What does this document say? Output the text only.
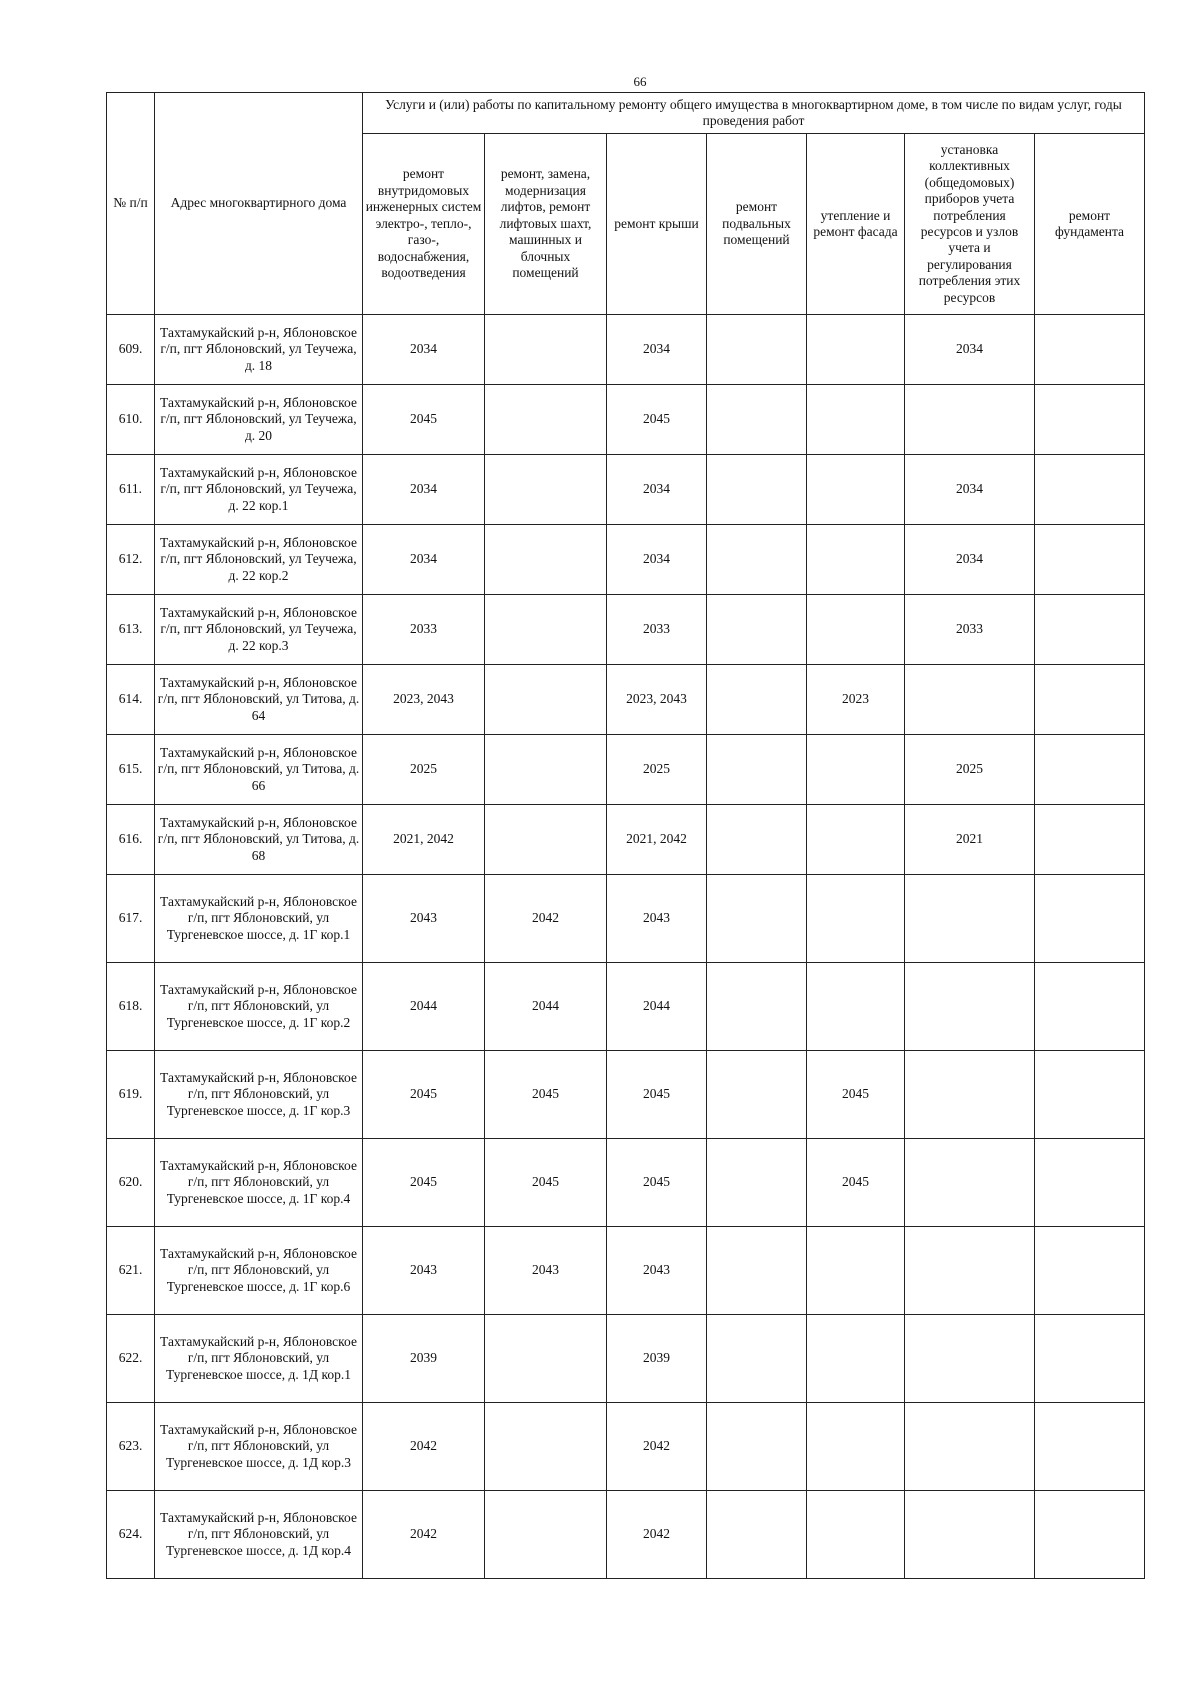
66
№ п/п	Адрес многоквартирного дома	Услуги и (или) работы по капитальному ремонту общего имущества в многоквартирном доме, в том числе по видам услуг, годы проведения работ						
		ремонт внутридомовых инженерных систем электро-, тепло-, газо-, водоснабжения, водоотведения	ремонт, замена, модернизация лифтов, ремонт лифтовых шахт, машинных и блочных помещений	ремонт крыши	ремонт подвальных помещений	утепление и ремонт фасада	установка коллективных (общедомовых) приборов учета потребления ресурсов и узлов учета и регулирования потребления этих ресурсов	ремонт фундамента
609.	Тахтамукайский р-н, Яблоновское г/п, пгт Яблоновский, ул Теучежа, д. 18	2034		2034			2034	
610.	Тахтамукайский р-н, Яблоновское г/п, пгт Яблоновский, ул Теучежа, д. 20	2045		2045				
611.	Тахтамукайский р-н, Яблоновское г/п, пгт Яблоновский, ул Теучежа, д. 22 кор.1	2034		2034			2034	
612.	Тахтамукайский р-н, Яблоновское г/п, пгт Яблоновский, ул Теучежа, д. 22 кор.2	2034		2034			2034	
613.	Тахтамукайский р-н, Яблоновское г/п, пгт Яблоновский, ул Теучежа, д. 22 кор.3	2033		2033			2033	
614.	Тахтамукайский р-н, Яблоновское г/п, пгт Яблоновский, ул Титова, д. 64	2023, 2043		2023, 2043		2023		
615.	Тахтамукайский р-н, Яблоновское г/п, пгт Яблоновский, ул Титова, д. 66	2025		2025			2025	
616.	Тахтамукайский р-н, Яблоновское г/п, пгт Яблоновский, ул Титова, д. 68	2021, 2042		2021, 2042			2021	
617.	Тахтамукайский р-н, Яблоновское г/п, пгт Яблоновский, ул Тургеневское шоссе, д. 1Г кор.1	2043	2042	2043				
618.	Тахтамукайский р-н, Яблоновское г/п, пгт Яблоновский, ул Тургеневское шоссе, д. 1Г кор.2	2044	2044	2044				
619.	Тахтамукайский р-н, Яблоновское г/п, пгт Яблоновский, ул Тургеневское шоссе, д. 1Г кор.3	2045	2045	2045		2045		
620.	Тахтамукайский р-н, Яблоновское г/п, пгт Яблоновский, ул Тургеневское шоссе, д. 1Г кор.4	2045	2045	2045		2045		
621.	Тахтамукайский р-н, Яблоновское г/п, пгт Яблоновский, ул Тургеневское шоссе, д. 1Г кор.6	2043	2043	2043				
622.	Тахтамукайский р-н, Яблоновское г/п, пгт Яблоновский, ул Тургеневское шоссе, д. 1Д кор.1	2039		2039				
623.	Тахтамукайский р-н, Яблоновское г/п, пгт Яблоновский, ул Тургеневское шоссе, д. 1Д кор.3	2042		2042				
624.	Тахтамукайский р-н, Яблоновское г/п, пгт Яблоновский, ул Тургеневское шоссе, д. 1Д кор.4	2042		2042				
